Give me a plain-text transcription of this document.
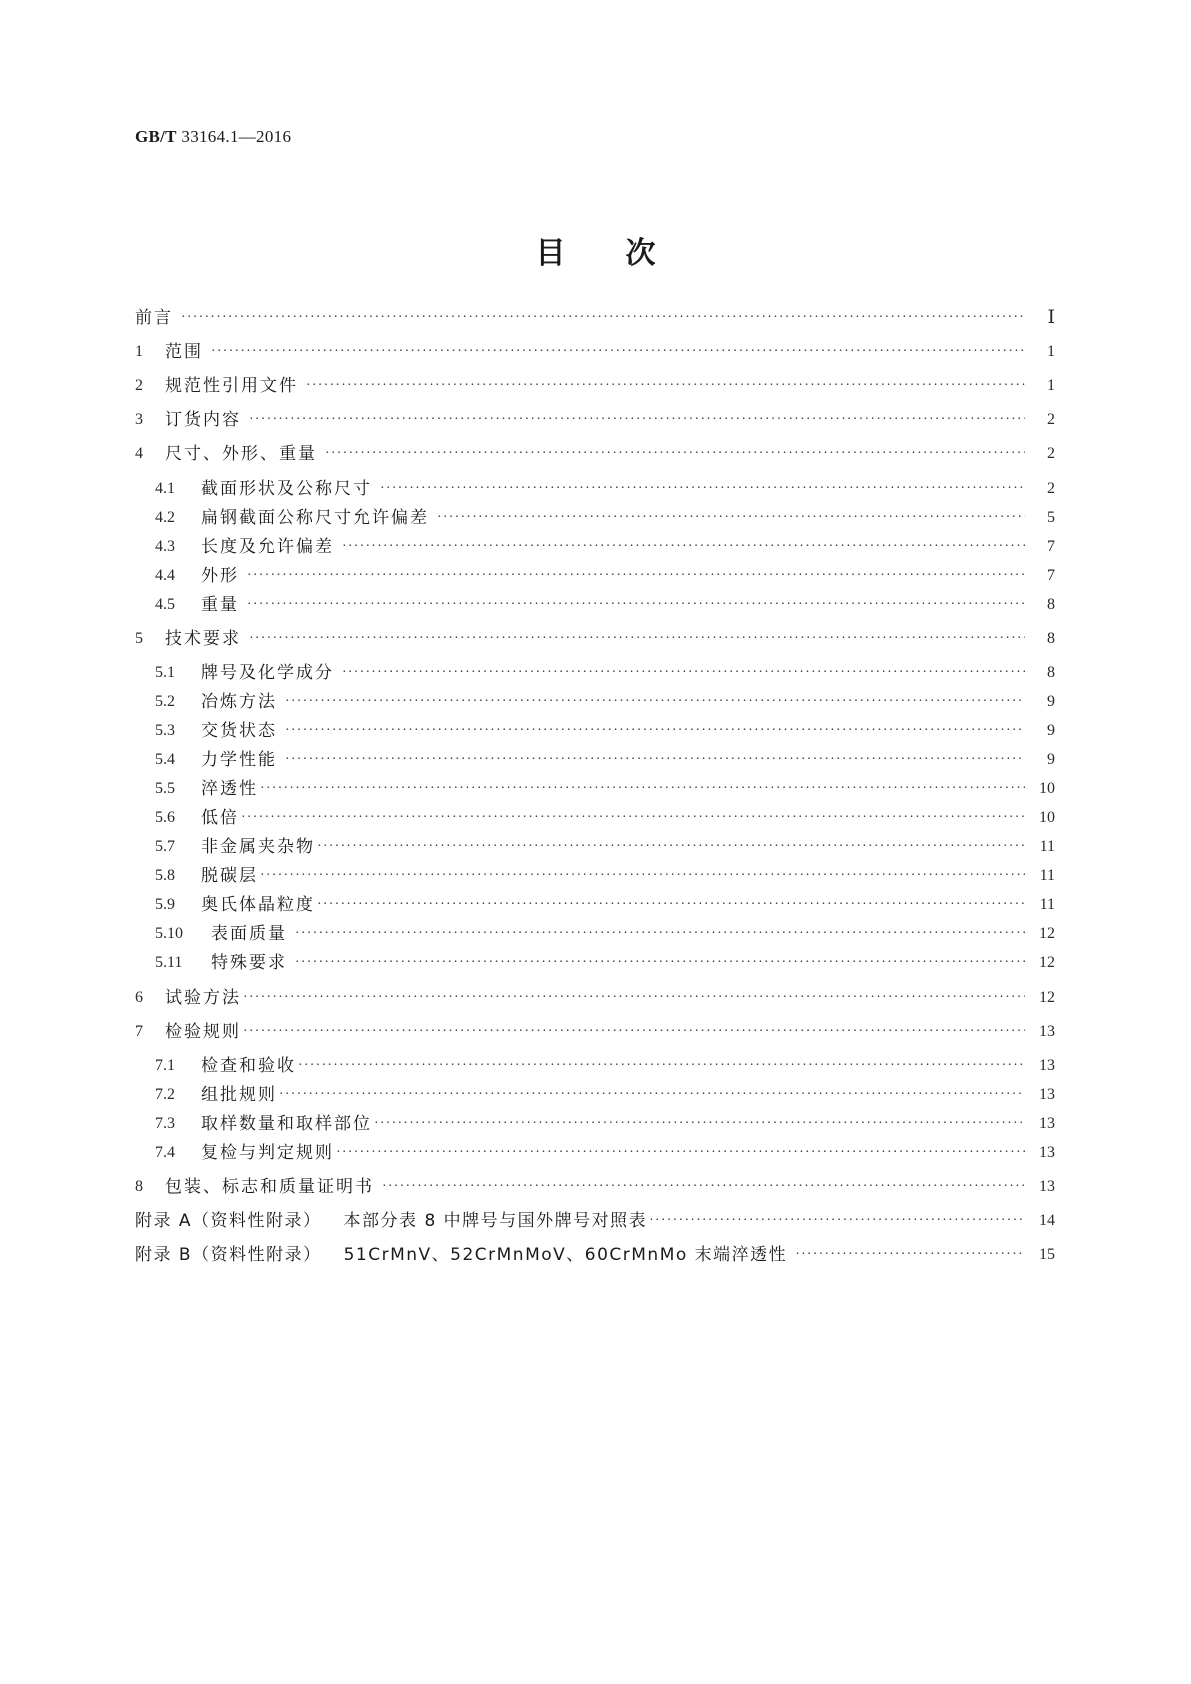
GB/T 33164.1—2016
目次
前言 ·····	Ⅰ
1	范围 ·····	1
2	规范性引用文件 ·····	1
3	订货内容 ·····	2
4	尺寸、外形、重量 ·····	2
4.1	截面形状及公称尺寸 ·····	2
4.2	扁钢截面公称尺寸允许偏差 ·····	5
4.3	长度及允许偏差 ·····	7
4.4	外形 ·····	7
4.5	重量 ·····	8
5	技术要求 ·····	8
5.1	牌号及化学成分 ·····	8
5.2	冶炼方法 ·····	9
5.3	交货状态 ·····	9
5.4	力学性能 ·····	9
5.5	淬透性 ·····	10
5.6	低倍 ·····	10
5.7	非金属夹杂物 ·····	11
5.8	脱碳层 ·····	11
5.9	奥氏体晶粒度 ·····	11
5.10	表面质量 ·····	12
5.11	特殊要求 ·····	12
6	试验方法 ·····	12
7	检验规则 ·····	13
7.1	检查和验收 ·····	13
7.2	组批规则 ·····	13
7.3	取样数量和取样部位 ·····	13
7.4	复检与判定规则 ·····	13
8	包装、标志和质量证明书 ·····	13
附录 A（资料性附录） 本部分表 8 中牌号与国外牌号对照表 ·····	14
附录 B（资料性附录） 51CrMnV、52CrMnMoV、60CrMnMo 末端淬透性 ·····	15
